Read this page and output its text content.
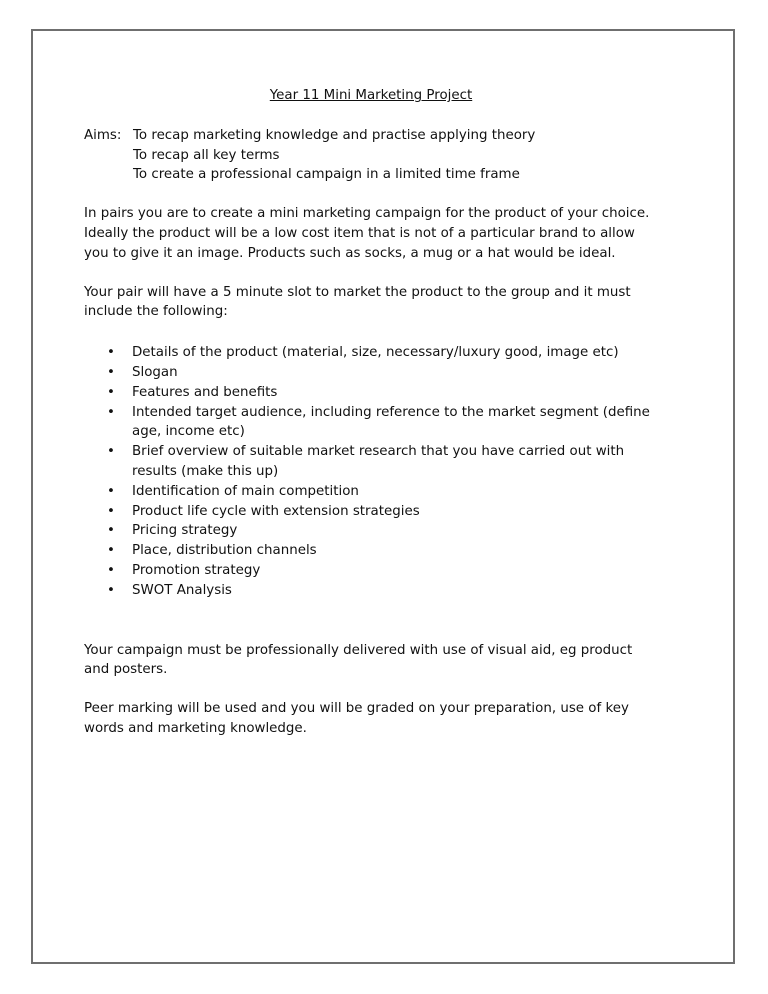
Year 11 Mini Marketing Project
Aims: To recap marketing knowledge and practise applying theory
To recap all key terms
To create a professional campaign in a limited time frame

In pairs you are to create a mini marketing campaign for the product of your choice. Ideally the product will be a low cost item that is not of a particular brand to allow you to give it an image. Products such as socks, a mug or a hat would be ideal.

Your pair will have a 5 minute slot to market the product to the group and it must include the following:

• Details of the product (material, size, necessary/luxury good, image etc)
• Slogan
• Features and benefits
• Intended target audience, including reference to the market segment (define age, income etc)
• Brief overview of suitable market research that you have carried out with results (make this up)
• Identification of main competition
• Product life cycle with extension strategies
• Pricing strategy
• Place, distribution channels
• Promotion strategy
• SWOT Analysis

Your campaign must be professionally delivered with use of visual aid, eg product and posters.

Peer marking will be used and you will be graded on your preparation, use of key words and marketing knowledge.
